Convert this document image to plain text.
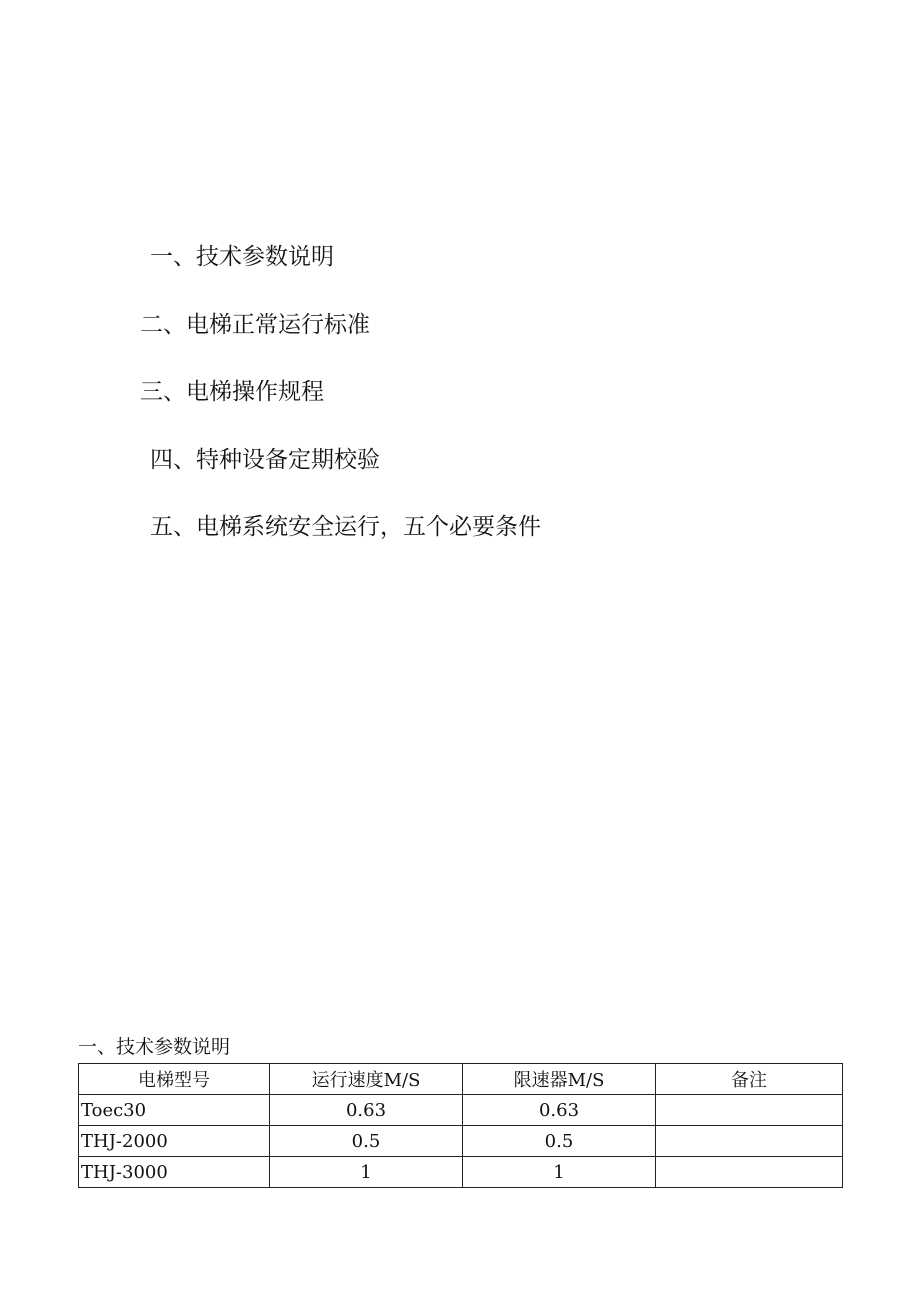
一、技术参数说明
二、电梯正常运行标准
三、电梯操作规程
四、特种设备定期校验
五、电梯系统安全运行，五个必要条件
一、技术参数说明
电梯型号	运行速度M/S	限速器M/S	备注
Toec30	0.63	0.63	
THJ-2000	0.5	0.5	
THJ-3000	1	1	
